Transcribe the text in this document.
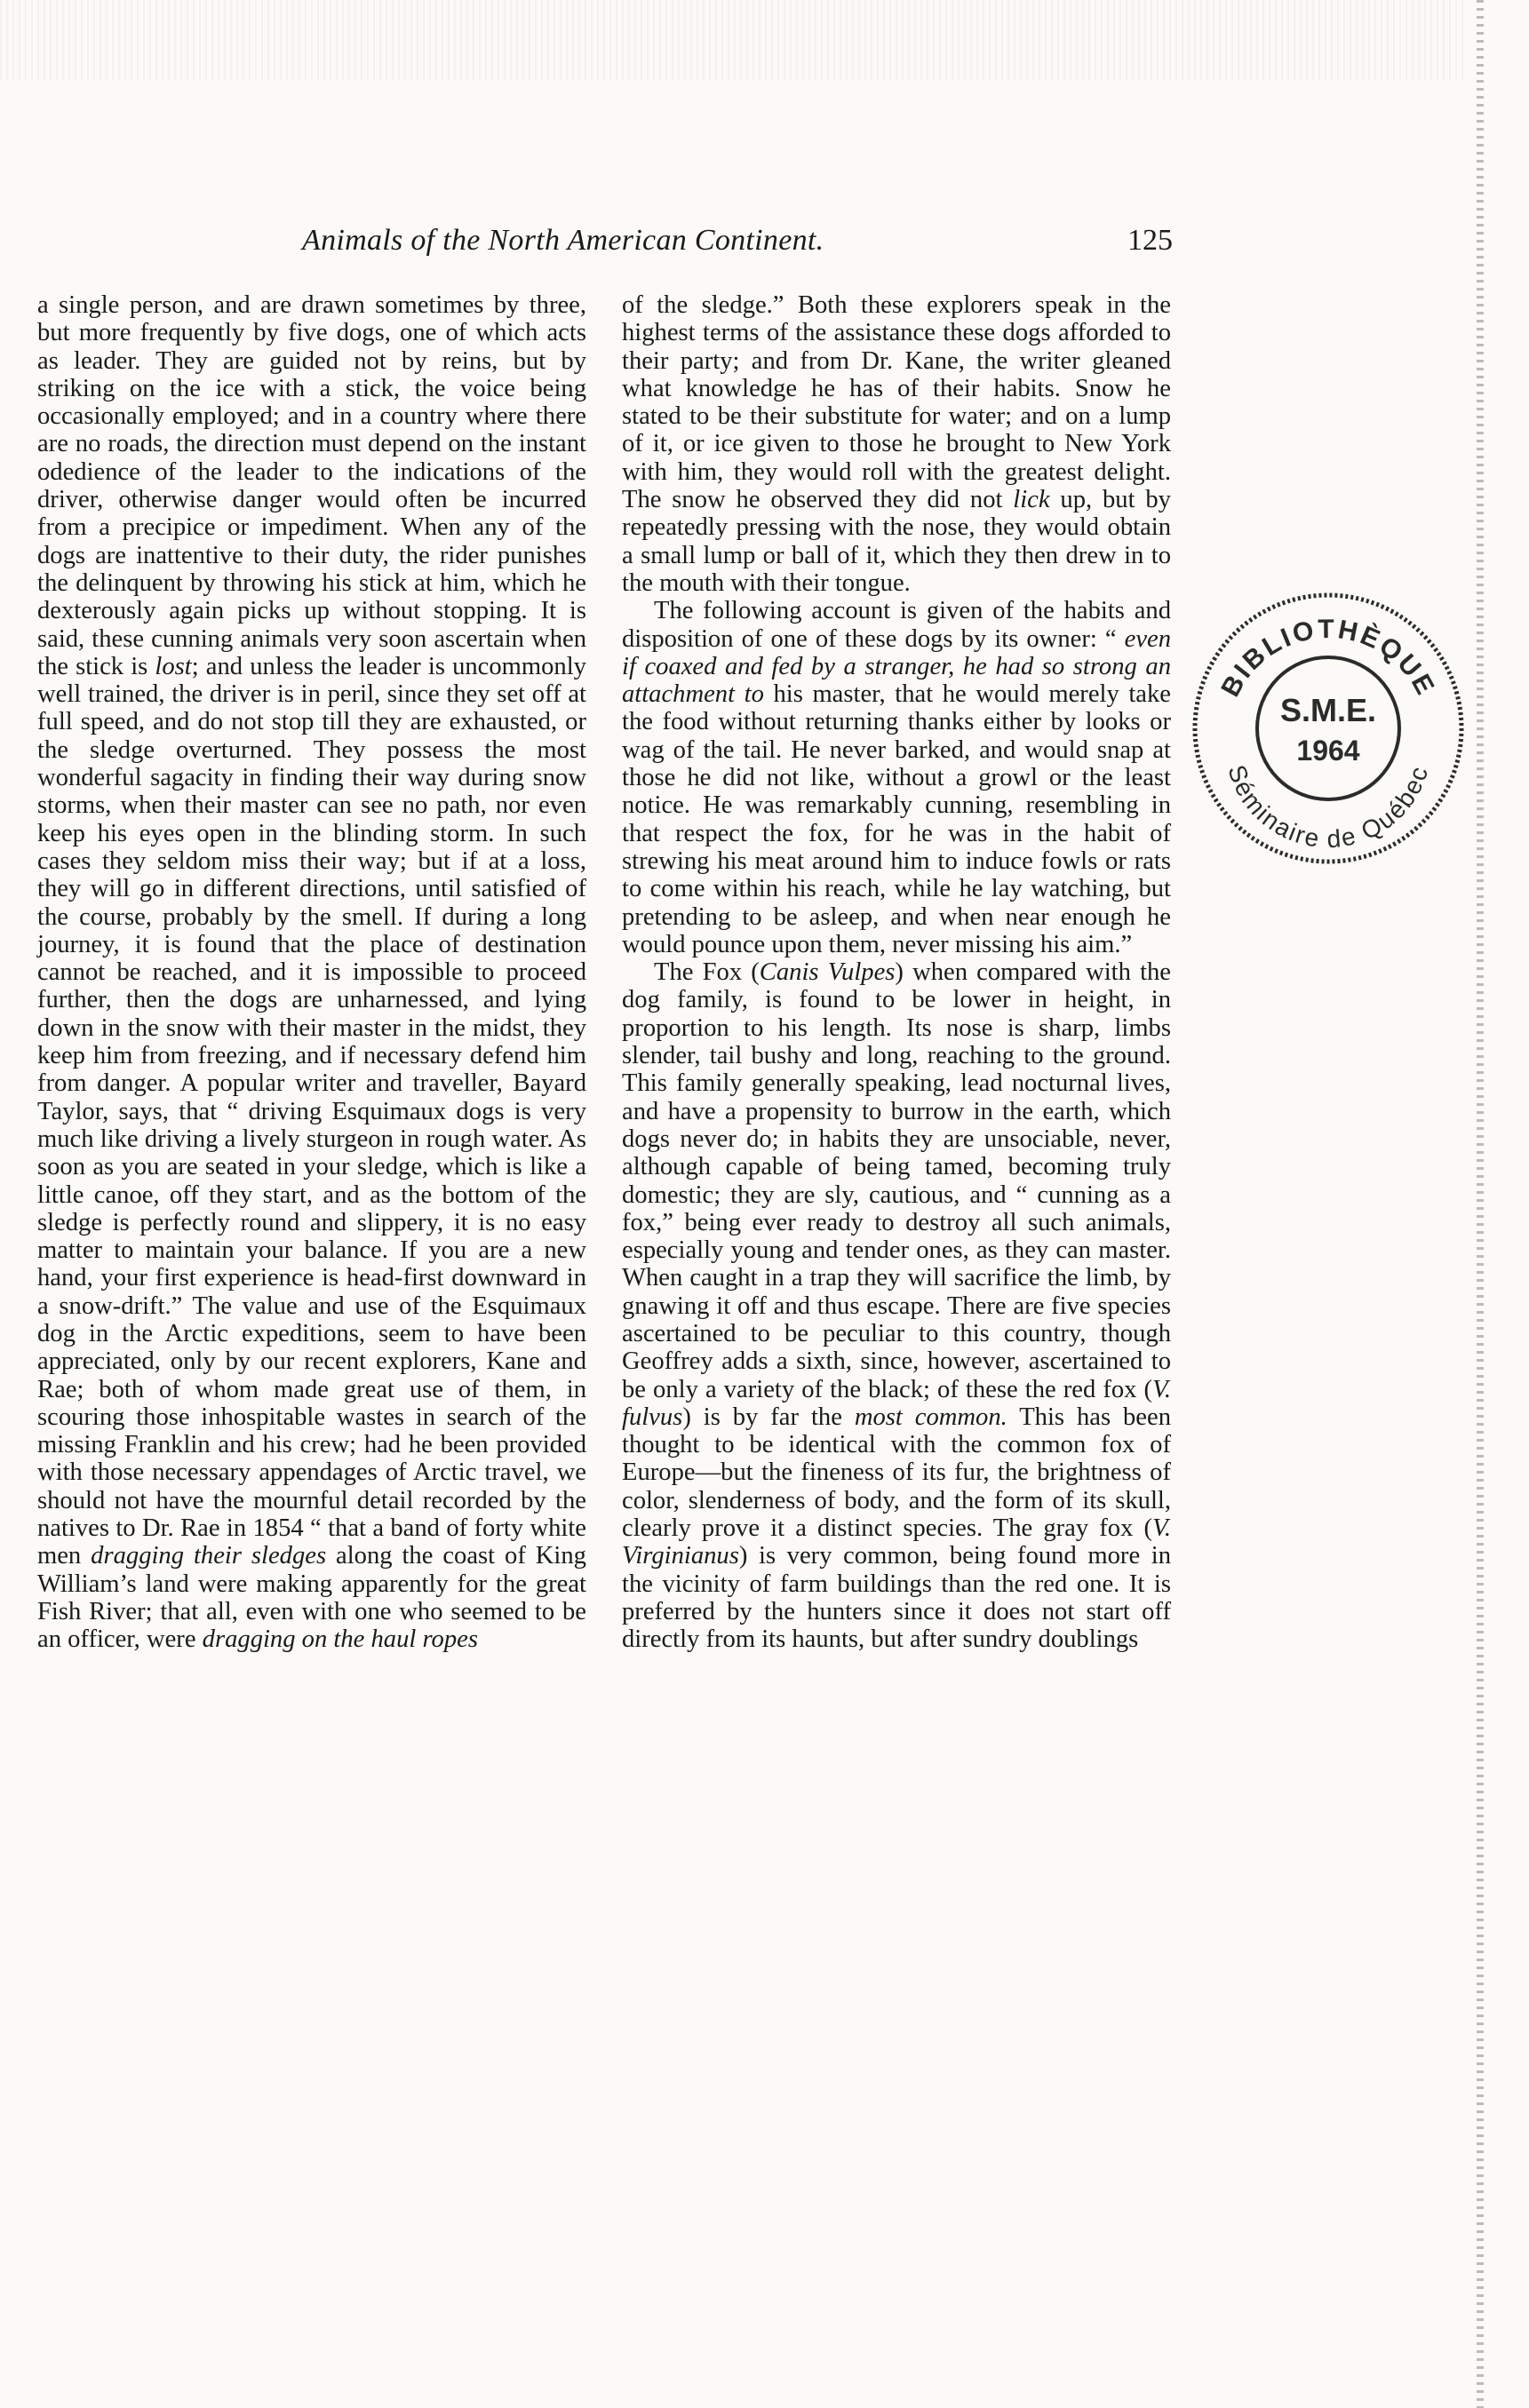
Animals of the North American Continent.	125

a single person, and are drawn sometimes by three, but more frequently by five dogs, one of which acts as leader. They are guided not by reins, but by striking on the ice with a stick, the voice being occasionally employed; and in a country where there are no roads, the direction must depend on the instant odedience of the leader to the indications of the driver, otherwise danger would often be incurred from a precipice or impediment. When any of the dogs are inattentive to their duty, the rider punishes the delinquent by throwing his stick at him, which he dexterously again picks up without stopping. It is said, these cunning animals very soon ascertain when the stick is lost; and unless the leader is uncommonly well trained, the driver is in peril, since they set off at full speed, and do not stop till they are exhausted, or the sledge overturned. They possess the most wonderful sagacity in finding their way during snow storms, when their master can see no path, nor even keep his eyes open in the blinding storm. In such cases they seldom miss their way; but if at a loss, they will go in different directions, until satisfied of the course, probably by the smell. If during a long journey, it is found that the place of destination cannot be reached, and it is impossible to proceed further, then the dogs are unharnessed, and lying down in the snow with their master in the midst, they keep him from freezing, and if necessary defend him from danger. A popular writer and traveller, Bayard Taylor, says, that “ driving Esquimaux dogs is very much like driving a lively sturgeon in rough water. As soon as you are seated in your sledge, which is like a little canoe, off they start, and as the bottom of the sledge is perfectly round and slippery, it is no easy matter to maintain your balance. If you are a new hand, your first experience is head-first downward in a snow-drift.” The value and use of the Esquimaux dog in the Arctic expeditions, seem to have been appreciated, only by our recent explorers, Kane and Rae; both of whom made great use of them, in scouring those inhospitable wastes in search of the missing Franklin and his crew; had he been provided with those necessary appendages of Arctic travel, we should not have the mournful detail recorded by the natives to Dr. Rae in 1854 “ that a band of forty white men dragging their sledges along the coast of King William’s land were making apparently for the great Fish River; that all, even with one who seemed to be an officer, were dragging on the haul ropes

of the sledge.” Both these explorers speak in the highest terms of the assistance these dogs afforded to their party; and from Dr. Kane, the writer gleaned what knowledge he has of their habits. Snow he stated to be their substitute for water; and on a lump of it, or ice given to those he brought to New York with him, they would roll with the greatest delight. The snow he observed they did not lick up, but by repeatedly pressing with the nose, they would obtain a small lump or ball of it, which they then drew in to the mouth with their tongue.

The following account is given of the habits and disposition of one of these dogs by its owner: “ even if coaxed and fed by a stranger, he had so strong an attachment to his master, that he would merely take the food without returning thanks either by looks or wag of the tail. He never barked, and would snap at those he did not like, without a growl or the least notice. He was remarkably cunning, resembling in that respect the fox, for he was in the habit of strewing his meat around him to induce fowls or rats to come within his reach, while he lay watching, but pretending to be asleep, and when near enough he would pounce upon them, never missing his aim.”

The Fox (Canis Vulpes) when compared with the dog family, is found to be lower in height, in proportion to his length. Its nose is sharp, limbs slender, tail bushy and long, reaching to the ground. This family generally speaking, lead nocturnal lives, and have a propensity to burrow in the earth, which dogs never do; in habits they are unsociable, never, although capable of being tamed, becoming truly domestic; they are sly, cautious, and “ cunning as a fox,” being ever ready to destroy all such animals, especially young and tender ones, as they can master. When caught in a trap they will sacrifice the limb, by gnawing it off and thus escape. There are five species ascertained to be peculiar to this country, though Geoffrey adds a sixth, since, however, ascertained to be only a variety of the black; of these the red fox (V. fulvus) is by far the most common. This has been thought to be identical with the common fox of Europe—but the fineness of its fur, the brightness of color, slenderness of body, and the form of its skull, clearly prove it a distinct species. The gray fox (V. Virginianus) is very common, being found more in the vicinity of farm buildings than the red one. It is preferred by the hunters since it does not start off directly from its haunts, but after sundry doublings

BIBLIOTHÈQUE
Séminaire de Québec
S.M.E.
1964
